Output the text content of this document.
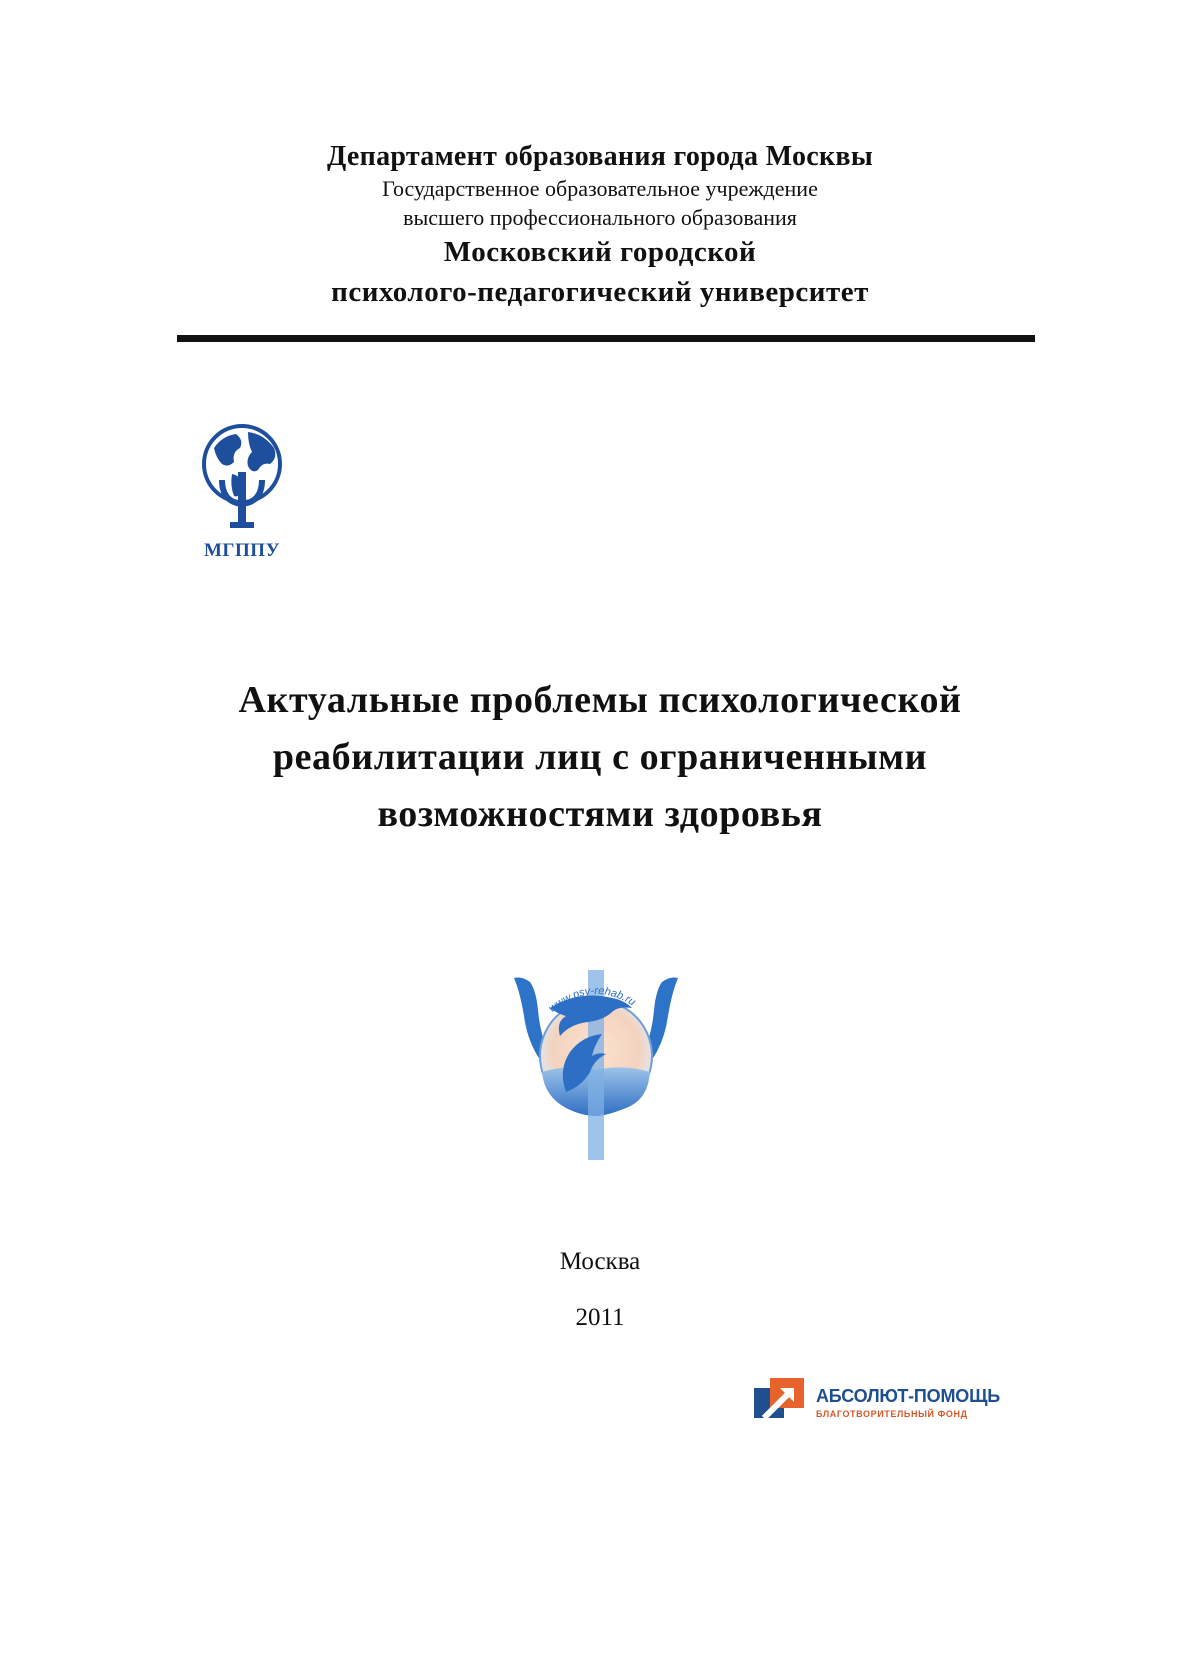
Департамент образования города Москвы
Государственное образовательное учреждение
высшего профессионального образования
Московский городской
психолого-педагогический университет
МГППУ
Актуальные проблемы психологической
реабилитации лиц с ограниченными
возможностями здоровья
www.psy-rehab.ru
Москва
2011
АБСОЛЮТ-ПОМОЩЬ
БЛАГОТВОРИТЕЛЬНЫЙ ФОНД
